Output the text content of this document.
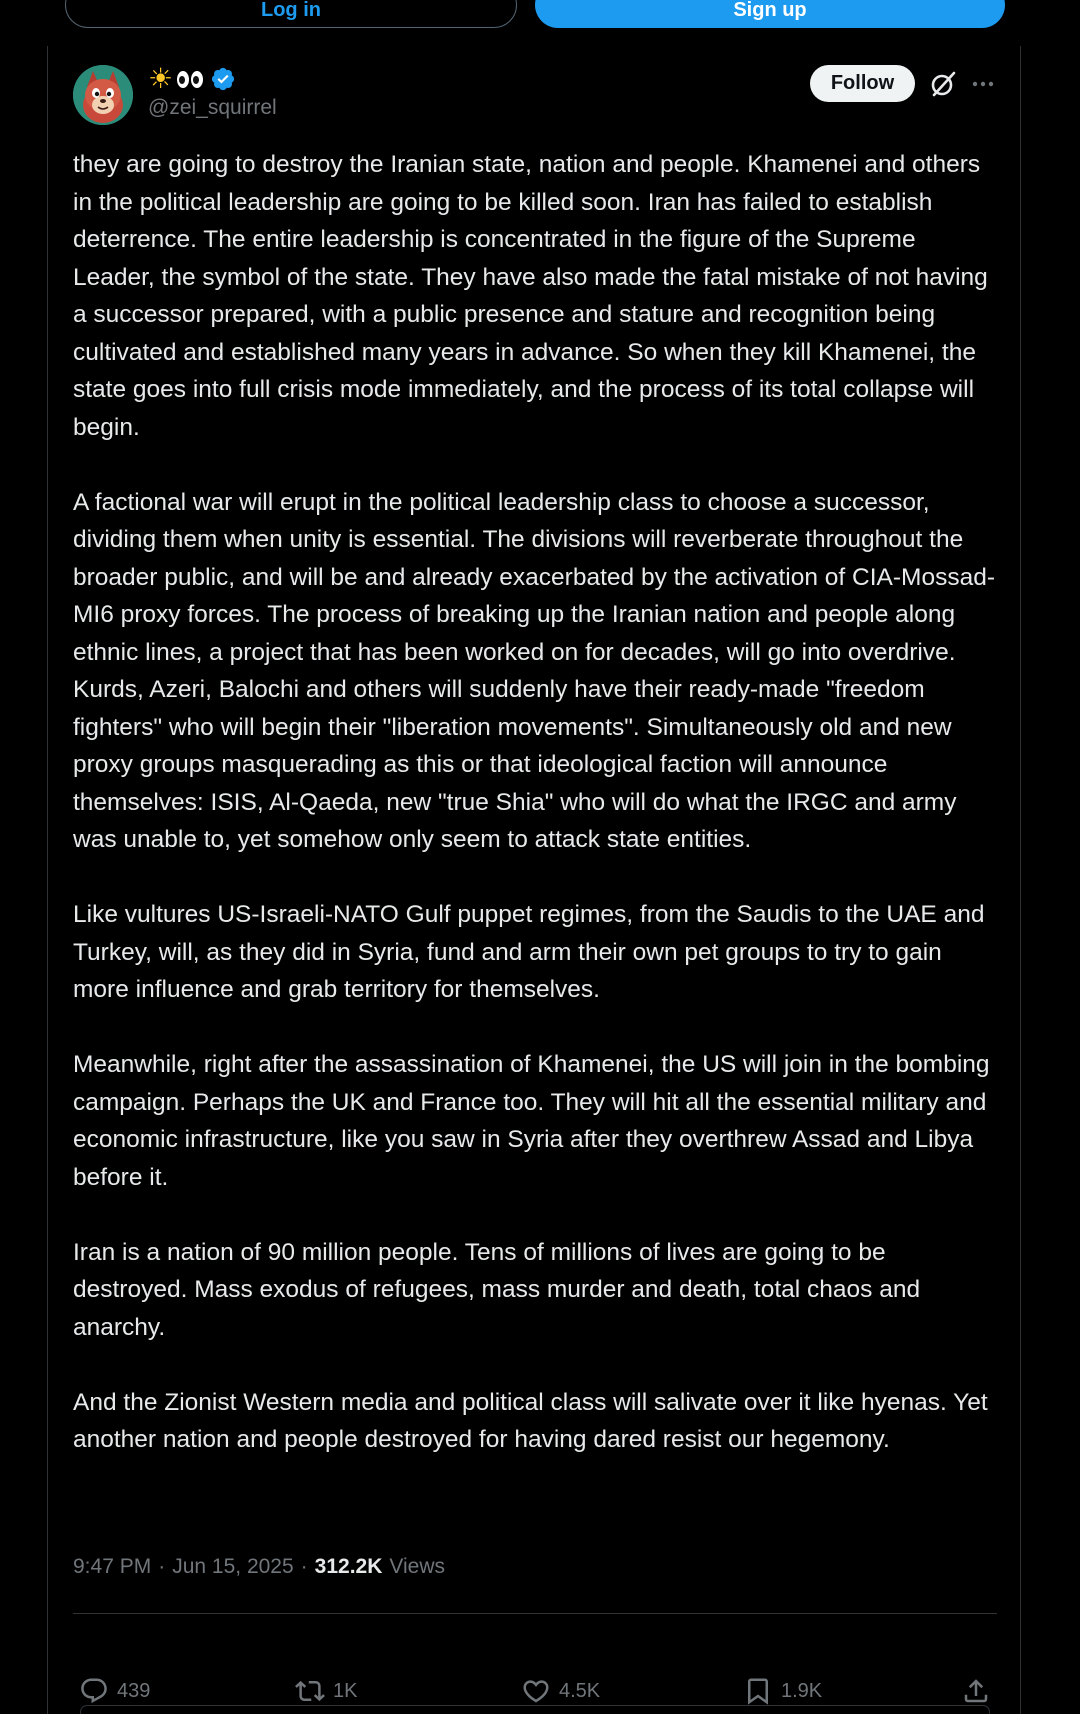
Log in	Sign up
☀
@zei_squirrel
Follow

they are going to destroy the Iranian state, nation and people. Khamenei and others in the political leadership are going to be killed soon. Iran has failed to establish deterrence. The entire leadership is concentrated in the figure of the Supreme Leader, the symbol of the state. They have also made the fatal mistake of not having a successor prepared, with a public presence and stature and recognition being cultivated and established many years in advance. So when they kill Khamenei, the state goes into full crisis mode immediately, and the process of its total collapse will begin.

A factional war will erupt in the political leadership class to choose a successor, dividing them when unity is essential. The divisions will reverberate throughout the broader public, and will be and already exacerbated by the activation of CIA-Mossad-MI6 proxy forces. The process of breaking up the Iranian nation and people along ethnic lines, a project that has been worked on for decades, will go into overdrive. Kurds, Azeri, Balochi and others will suddenly have their ready-made "freedom fighters" who will begin their "liberation movements". Simultaneously old and new proxy groups masquerading as this or that ideological faction will announce themselves: ISIS, Al-Qaeda, new "true Shia" who will do what the IRGC and army was unable to, yet somehow only seem to attack state entities.

Like vultures US-Israeli-NATO Gulf puppet regimes, from the Saudis to the UAE and Turkey, will, as they did in Syria, fund and arm their own pet groups to try to gain more influence and grab territory for themselves.

Meanwhile, right after the assassination of Khamenei, the US will join in the bombing campaign. Perhaps the UK and France too. They will hit all the essential military and economic infrastructure, like you saw in Syria after they overthrew Assad and Libya before it.

Iran is a nation of 90 million people. Tens of millions of lives are going to be destroyed. Mass exodus of refugees, mass murder and death, total chaos and anarchy.

And the Zionist Western media and political class will salivate over it like hyenas. Yet another nation and people destroyed for having dared resist our hegemony.

9:47 PM · Jun 15, 2025 · 312.2K Views
439	1K	4.5K	1.9K
